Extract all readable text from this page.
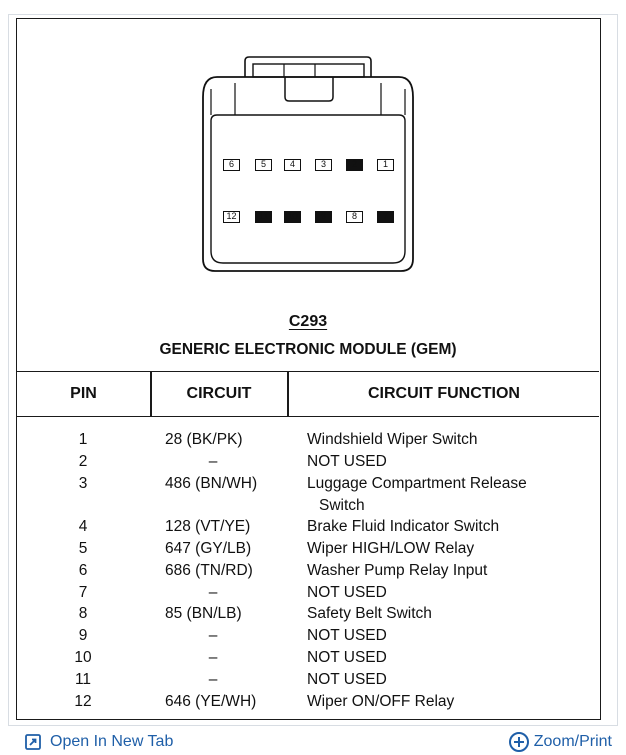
6	5	4	3	2	1
12	11	10	9	8	7
C293
GENERIC ELECTRONIC MODULE (GEM)
PIN	CIRCUIT	CIRCUIT FUNCTION
1	28 (BK/PK)	Windshield Wiper Switch
2	–	NOT USED
3	486 (BN/WH)	Luggage Compartment Release
Switch
4	128 (VT/YE)	Brake Fluid Indicator Switch
5	647 (GY/LB)	Wiper HIGH/LOW Relay
6	686 (TN/RD)	Washer Pump Relay Input
7	–	NOT USED
8	85 (BN/LB)	Safety Belt Switch
9	–	NOT USED
10	–	NOT USED
11	–	NOT USED
12	646 (YE/WH)	Wiper ON/OFF Relay
Open In New Tab	Zoom/Print
